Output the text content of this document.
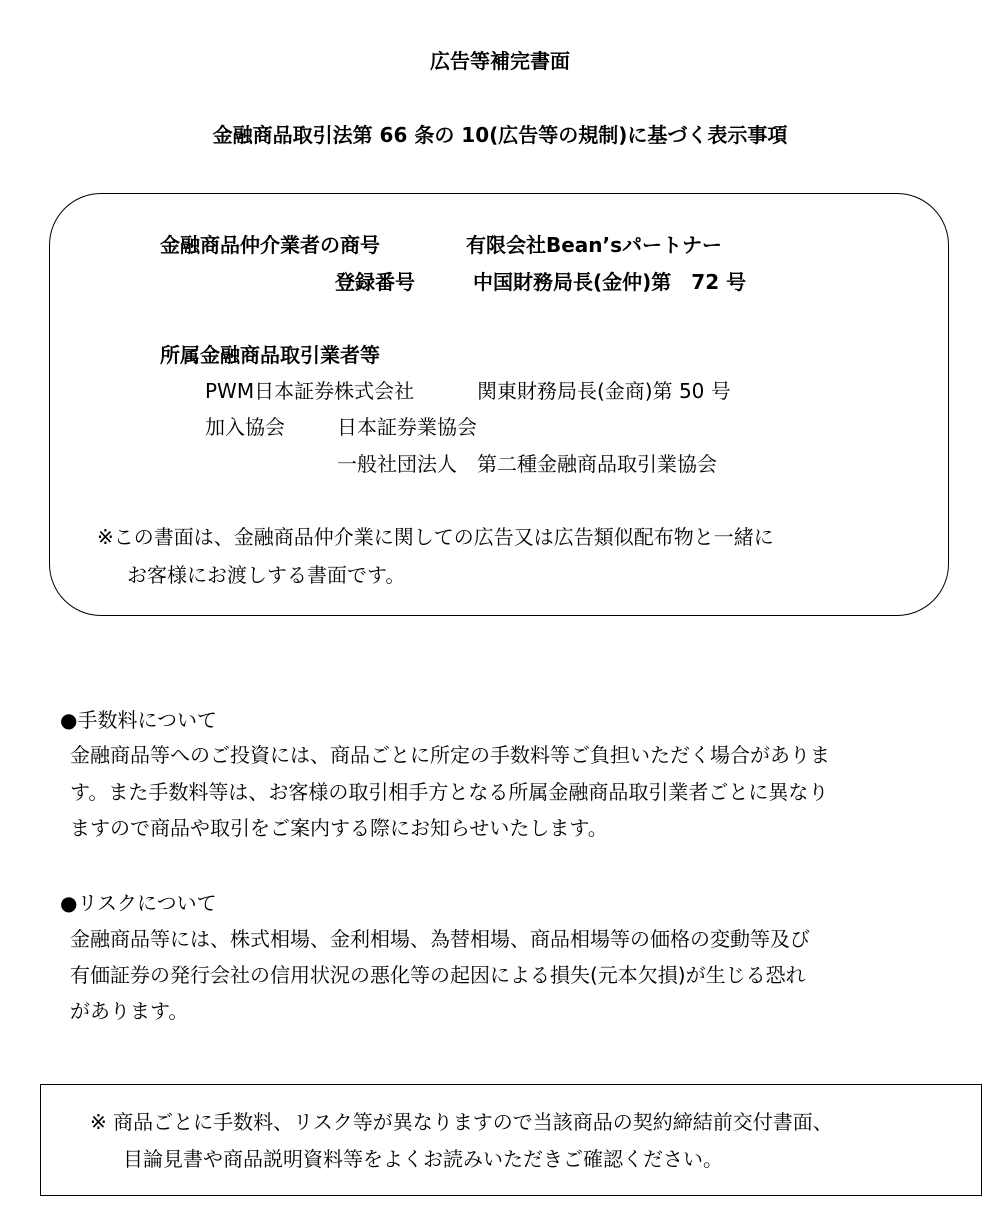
広告等補完書面
金融商品取引法第 66 条の 10(広告等の規制)に基づく表示事項
金融商品仲介業者の商号	有限会社Bean’sパートナー
登録番号	中国財務局長(金仲)第　72 号
所属金融商品取引業者等
PWM日本証券株式会社	関東財務局長(金商)第 50 号
加入協会	日本証券業協会
一般社団法人　第二種金融商品取引業協会
※この書面は、金融商品仲介業に関しての広告又は広告類似配布物と一緒に
お客様にお渡しする書面です。
●手数料について
金融商品等へのご投資には、商品ごとに所定の手数料等ご負担いただく場合がありま
す。また手数料等は、お客様の取引相手方となる所属金融商品取引業者ごとに異なり
ますので商品や取引をご案内する際にお知らせいたします。
●リスクについて
金融商品等には、株式相場、金利相場、為替相場、商品相場等の価格の変動等及び
有価証券の発行会社の信用状況の悪化等の起因による損失(元本欠損)が生じる恐れ
があります。
※ 商品ごとに手数料、リスク等が異なりますので当該商品の契約締結前交付書面、
目論見書や商品説明資料等をよくお読みいただきご確認ください。
